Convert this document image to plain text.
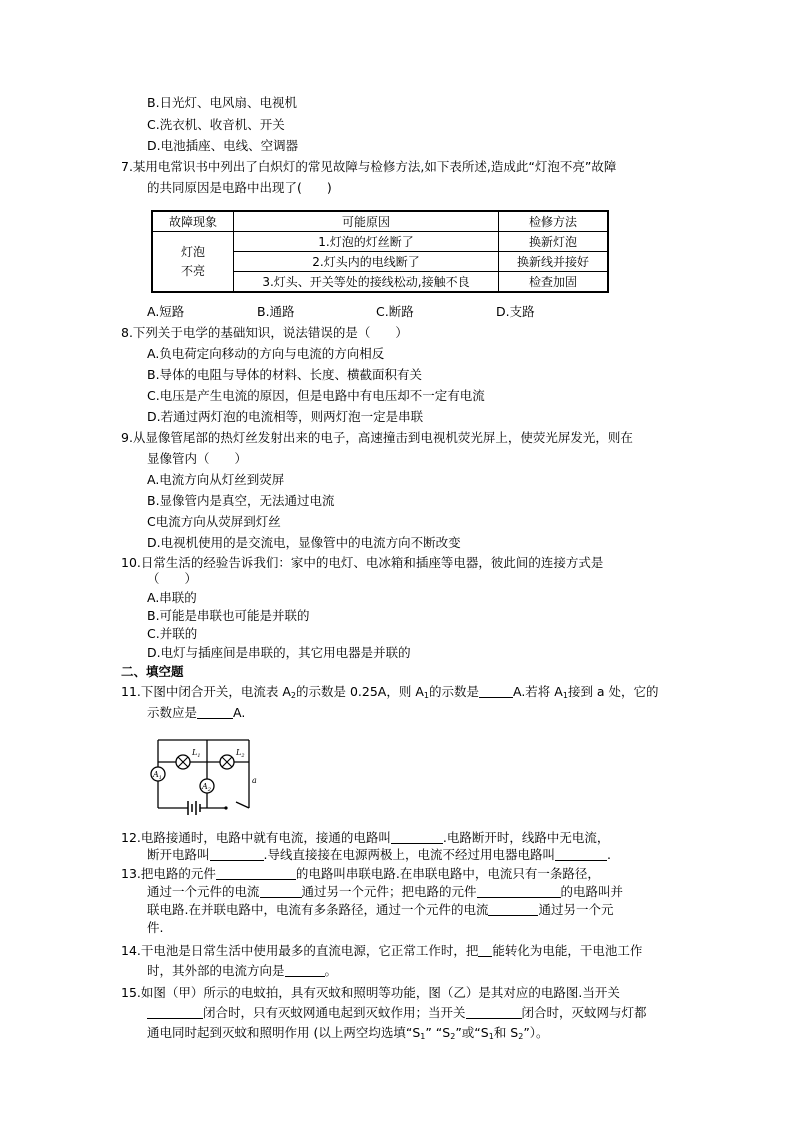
B.日光灯、电风扇、电视机
C.洗衣机、收音机、开关
D.电池插座、电线、空调器
7.某用电常识书中列出了白炽灯的常见故障与检修方法,如下表所述,造成此“灯泡不亮”故障
的共同原因是电路中出现了(　　)
故障现象	可能原因	检修方法
灯泡
不亮	1.灯泡的灯丝断了	换新灯泡
	2.灯头内的电线断了	换新线并接好
	3.灯头、开关等处的接线松动,接触不良	检查加固
A.短路	B.通路	C.断路	D.支路
8.下列关于电学的基础知识，说法错误的是（　　）
A.负电荷定向移动的方向与电流的方向相反
B.导体的电阻与导体的材料、长度、横截面积有关
C.电压是产生电流的原因，但是电路中有电压却不一定有电流
D.若通过两灯泡的电流相等，则两灯泡一定是串联
9.从显像管尾部的热灯丝发射出来的电子，高速撞击到电视机荧光屏上，使荧光屏发光，则在
显像管内（　　）
A.电流方向从灯丝到荧屏
B.显像管内是真空，无法通过电流
C电流方向从荧屏到灯丝
D.电视机使用的是交流电，显像管中的电流方向不断改变
10.日常生活的经验告诉我们：家中的电灯、电冰箱和插座等电器，彼此间的连接方式是
（　　）
A.串联的
B.可能是串联也可能是并联的
C.并联的
D.电灯与插座间是串联的，其它用电器是并联的
二、填空题
11.下图中闭合开关，电流表 $A_2$的示数是 0.25A，则 $A_1$的示数是	A.若将 $A_1$接到 a 处，它的
示数应是	A.
$A_1$
$L_1$	$L_2$
$A_2$
a
12.电路接通时，电路中就有电流，接通的电路叫	.电路断开时，线路中无电流，
断开电路叫	.导线直接接在电源两极上，电流不经过用电器电路叫	.
13.把电路的元件	的电路叫串联电路.在串联电路中，电流只有一条路径，
通过一个元件的电流	通过另一个元件；把电路的元件	的电路叫并
联电路.在并联电路中，电流有多条路径，通过一个元件的电流	通过另一个元
件.
14.干电池是日常生活中使用最多的直流电源，它正常工作时，把 能转化为电能，干电池工作
时，其外部的电流方向是	。
15.如图（甲）所示的电蚊拍，具有灭蚊和照明等功能，图（乙）是其对应的电路图.当开关
闭合时，只有灭蚊网通电起到灭蚊作用；当开关	闭合时，灭蚊网与灯都
通电同时起到灭蚊和照明作用 (以上两空均选填“$S_1$” “$S_2$”或“$S_1$和 $S_2$”）。
